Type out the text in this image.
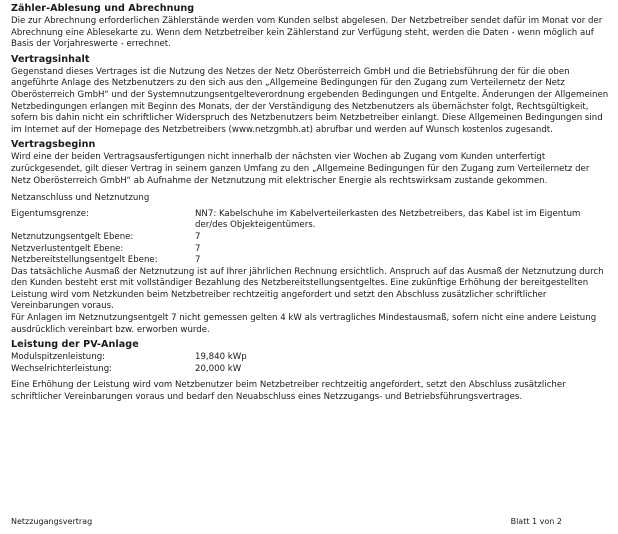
Zähler-Ablesung und Abrechnung

Die zur Abrechnung erforderlichen Zählerstände werden vom Kunden selbst abgelesen. Der Netzbetreiber sendet dafür im Monat vor der Abrechnung eine Ablesekarte zu. Wenn dem Netzbetreiber kein Zählerstand zur Verfügung steht, werden die Daten - wenn möglich auf Basis der Vorjahreswerte - errechnet.

Vertragsinhalt

Gegenstand dieses Vertrages ist die Nutzung des Netzes der Netz Oberösterreich GmbH und die Betriebsführung der für die oben angeführte Anlage des Netzbenutzers zu den sich aus den „Allgemeine Bedingungen für den Zugang zum Verteilernetz der Netz Oberösterreich GmbH“ und der Systemnutzungsentgelteverordnung ergebenden Bedingungen und Entgelte. Änderungen der Allgemeinen Netzbedingungen erlangen mit Beginn des Monats, der der Verständigung des Netzbenutzers als übernächster folgt, Rechtsgültigkeit, sofern bis dahin nicht ein schriftlicher Widerspruch des Netzbenutzers beim Netzbetreiber einlangt. Diese Allgemeinen Bedingungen sind im Internet auf der Homepage des Netzbetreibers (www.netzgmbh.at) abrufbar und werden auf Wunsch kostenlos zugesandt.

Vertragsbeginn

Wird eine der beiden Vertragsausfertigungen nicht innerhalb der nächsten vier Wochen ab Zugang vom Kunden unterfertigt zurückgesendet, gilt dieser Vertrag in seinem ganzen Umfang zu den „Allgemeine Bedingungen für den Zugang zum Verteilernetz der Netz Oberösterreich GmbH“ ab Aufnahme der Netznutzung mit elektrischer Energie als rechtswirksam zustande gekommen.

Netzanschluss und Netznutzung
Eigentumsgrenze:	NN7: Kabelschuhe im Kabelverteilerkasten des Netzbetreibers, das Kabel ist im Eigentum der/des Objekteigentümers.
Netznutzungsentgelt Ebene:	7
Netzverlustentgelt Ebene:	7
Netzbereitstellungsentgelt Ebene:	7

Das tatsächliche Ausmaß der Netznutzung ist auf Ihrer jährlichen Rechnung ersichtlich. Anspruch auf das Ausmaß der Netznutzung durch den Kunden besteht erst mit vollständiger Bezahlung des Netzbereitstellungsentgeltes. Eine zukünftige Erhöhung der bereitgestellten Leistung wird vom Netzkunden beim Netzbetreiber rechtzeitig angefordert und setzt den Abschluss zusätzlicher schriftlicher Vereinbarungen voraus.

Für Anlagen im Netznutzungsentgelt 7 nicht gemessen gelten 4 kW als vertragliches Mindestausmaß, sofern nicht eine andere Leistung ausdrücklich vereinbart bzw. erworben wurde.

Leistung der PV-Anlage
Modulspitzenleistung:	19,840 kWp
Wechselrichterleistung:	20,000 kW

Eine Erhöhung der Leistung wird vom Netzbenutzer beim Netzbetreiber rechtzeitig angefordert, setzt den Abschluss zusätzlicher schriftlicher Vereinbarungen voraus und bedarf den Neuabschluss eines Netzzugangs- und Betriebsführungsvertrages.

Netzzugangsvertrag	Blatt 1 von 2
